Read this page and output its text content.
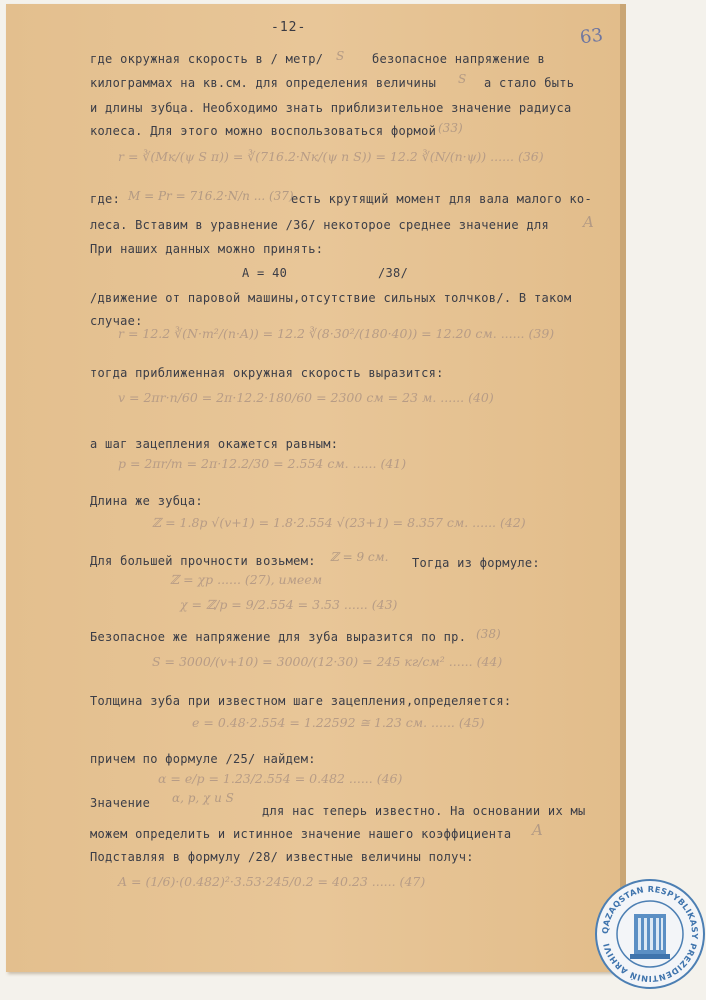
-12-	63
где окружная скорость в / метр/ S безопасное напряжение в
килограммах на кв.см. для определения величины S а стало быть
и длины зубца. Необходимо знать приблизительное значение радиуса
колеса. Для этого можно воспользоваться формой (33)
r = ∛(Mк/(ψ S π)) = ∛(716.2·Nк/(ψ n S)) = 12.2 ∛(N/(n·ψ)) ...... (36)
где: M = Pr = 716.2·N/n ... (37)
есть крутящий момент для вала малого ко-
леса. Вставим в уравнение /36/ некоторое среднее значение для A
При наших данных можно принять:
А = 40	/38/
/движение от паровой машины,отсутствие сильных толчков/. В таком
случае:
r = 12.2 ∛(N·m²/(n·A)) = 12.2 ∛(8·30²/(180·40)) = 12.20 см. ...... (39)
тогда приближенная окружная скорость выразится:
v = 2πr·n/60 = 2π·12.2·180/60 = 2300 см = 23 м. ...... (40)
а шаг зацепления окажется равным:
p = 2πr/m = 2π·12.2/30 = 2.554 см. ...... (41)
Длина же зубца:
ℤ = 1.8p √(v+1) = 1.8·2.554 √(23+1) = 8.357 см. ...... (42)
Для большей прочности возьмем: ℤ = 9 см. Тогда из формуле:
ℤ = χp ...... (27), имеем
χ = ℤ/p = 9/2.554 = 3.53 ...... (43)
Безопасное же напряжение для зуба выразится по пр. (38)
S = 3000/(v+10) = 3000/(12·30) = 245 кг/см² ...... (44)
Толщина зуба при известном шаге зацепления,определяется:
e = 0.48·2.554 = 1.22592 ≅ 1.23 см. ...... (45)
причем по формуле /25/ найдем:
α = e/p = 1.23/2.554 = 0.482 ...... (46)
Значение α, p, χ и S
для нас теперь известно. На основании их мы
можем определить и истинное значение нашего коэффициента A
Подставляя в формулу /28/ известные величины получ:
A = (1/6)·(0.482)²·3.53·245/0.2 = 40.23 ...... (47)
QAZAQSTAN RESPYBLIKASY PREZIDENTINIŃ ARHIVI
